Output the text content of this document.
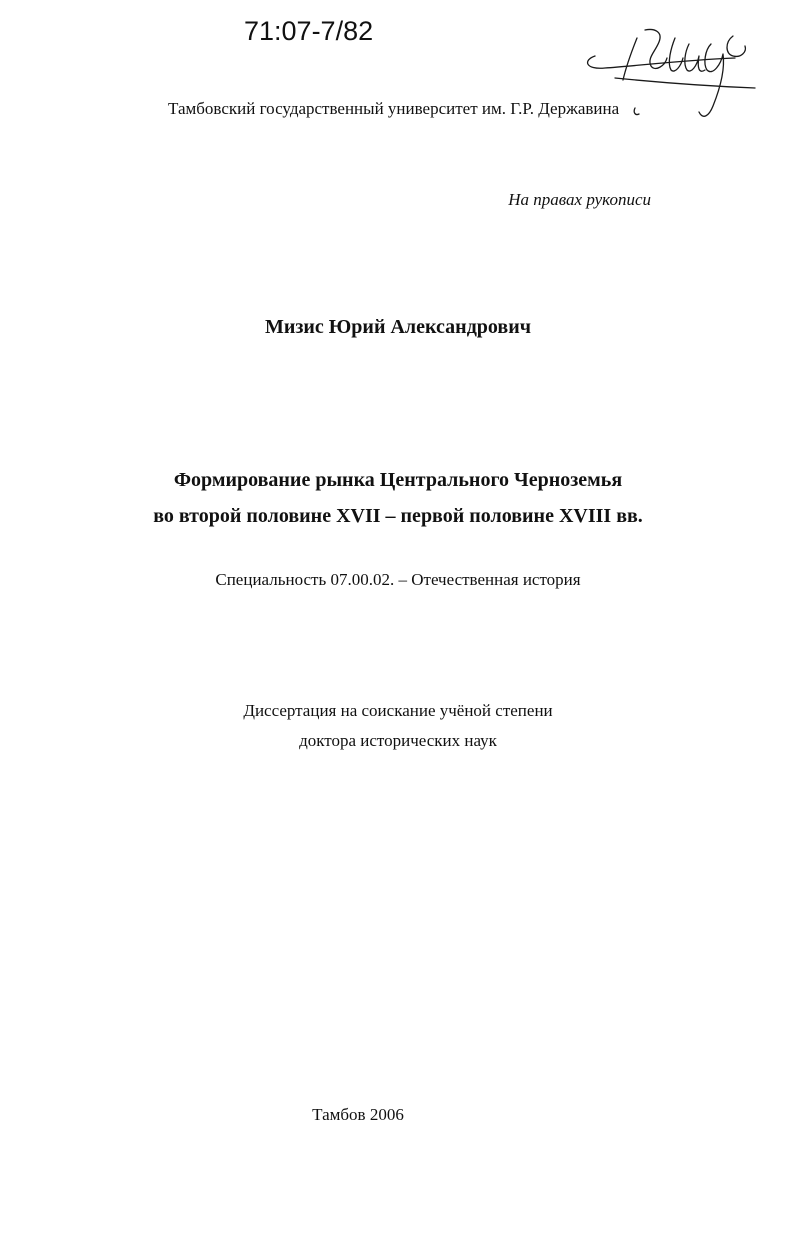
71:07-7/82
Тамбовский государственный университет им. Г.Р. Державина
На правах рукописи
Мизис Юрий Александрович
Формирование рынка Центрального Черноземья
во второй половине XVII – первой половине XVIII вв.
Специальность 07.00.02. – Отечественная история
Диссертация на соискание учёной степени
доктора исторических наук
Тамбов 2006
